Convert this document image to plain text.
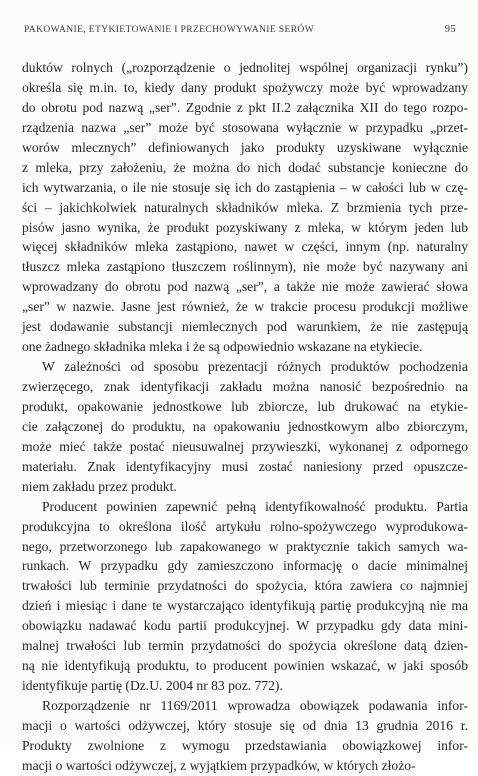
PAKOWANIE, ETYKIETOWANIE I PRZECHOWYWANIE SERÓW	95
duktów rolnych („rozporządzenie o jednolitej wspólnej organizacji rynku”)
określa się m.in. to, kiedy dany produkt spożywczy może być wprowadzany
do obrotu pod nazwą „ser”. Zgodnie z pkt II.2 załącznika XII do tego rozpo-
rządzenia nazwa „ser” może być stosowana wyłącznie w przypadku „przet-
worów mlecznych” definiowanych jako produkty uzyskiwane wyłącznie
z mleka, przy założeniu, że można do nich dodać substancje konieczne do
ich wytwarzania, o ile nie stosuje się ich do zastąpienia – w całości lub w czę-
ści – jakichkolwiek naturalnych składników mleka. Z brzmienia tych prze-
pisów jasno wynika, że produkt pozyskiwany z mleka, w którym jeden lub
więcej składników mleka zastąpiono, nawet w części, innym (np. naturalny
tłuszcz mleka zastąpiono tłuszczem roślinnym), nie może być nazywany ani
wprowadzany do obrotu pod nazwą „ser”, a także nie może zawierać słowa
„ser” w nazwie. Jasne jest również, że w trakcie procesu produkcji możliwe
jest dodawanie substancji niemlecznych pod warunkiem, że nie zastępują
one żadnego składnika mleka i że są odpowiednio wskazane na etykiecie.
W zależności od sposobu prezentacji różnych produktów pochodzenia
zwierzęcego, znak identyfikacji zakładu można nanosić bezpośrednio na
produkt, opakowanie jednostkowe lub zbiorcze, lub drukować na etykie-
cie załączonej do produktu, na opakowaniu jednostkowym albo zbiorczym,
może mieć także postać nieusuwalnej przywieszki, wykonanej z odpornego
materiału. Znak identyfikacyjny musi zostać naniesiony przed opuszcze-
niem zakładu przez produkt.
Producent powinien zapewnić pełną identyfikowalność produktu. Partia
produkcyjna to określona ilość artykułu rolno-spożywczego wyprodukowa-
nego, przetworzonego lub zapakowanego w praktycznie takich samych wa-
runkach. W przypadku gdy zamieszczono informację o dacie minimalnej
trwałości lub terminie przydatności do spożycia, która zawiera co najmniej
dzień i miesiąc i dane te wystarczająco identyfikują partię produkcyjną nie ma
obowiązku nadawać kodu partii produkcyjnej. W przypadku gdy data mini-
malnej trwałości lub termin przydatności do spożycia określone datą dzien-
ną nie identyfikują produktu, to producent powinien wskazać, w jaki sposób
identyfikuje partię (Dz.U. 2004 nr 83 poz. 772).
Rozporządzenie nr 1169/2011 wprowadza obowiązek podawania infor-
macji o wartości odżywczej, który stosuje się od dnia 13 grudnia 2016 r.
Produkty zwolnione z wymogu przedstawiania obowiązkowej infor-
macji o wartości odżywczej, z wyjątkiem przypadków, w których złożo-
